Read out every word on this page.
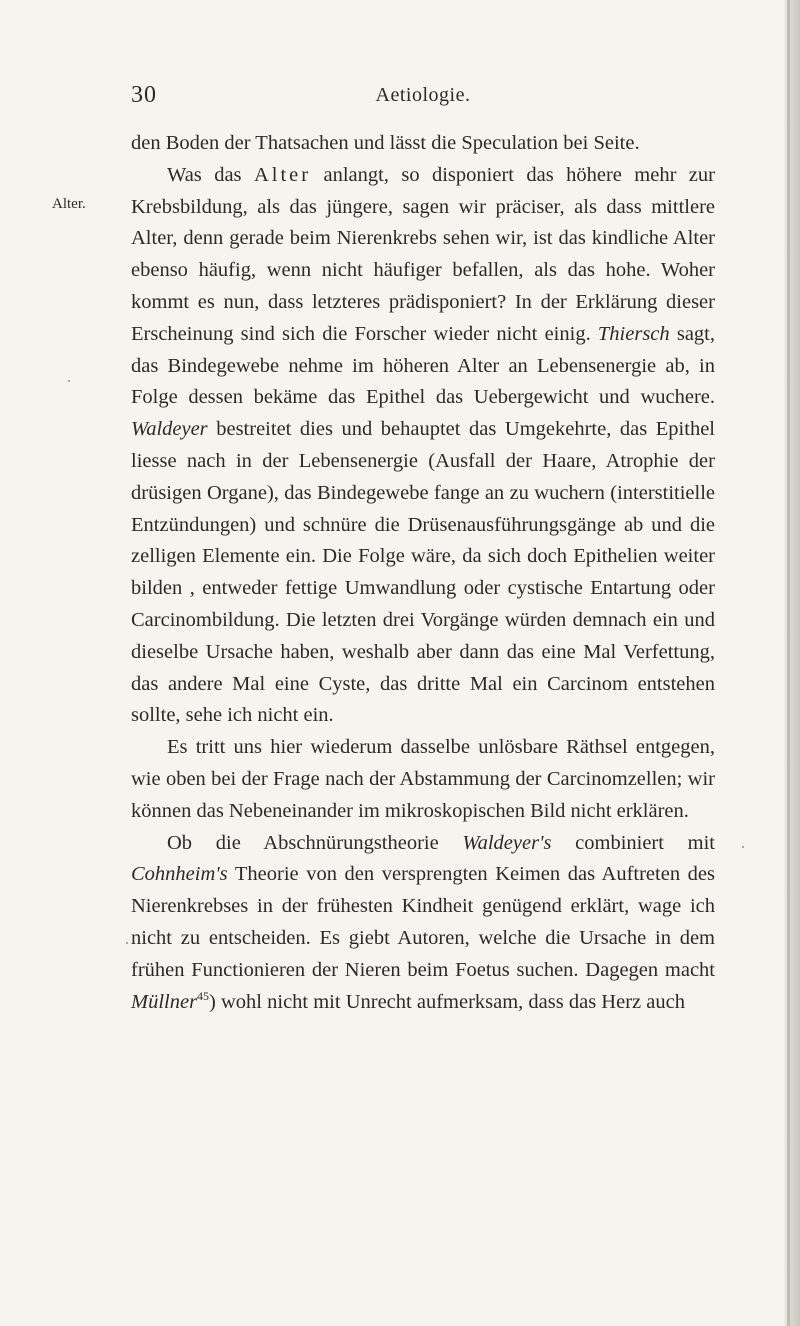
30	Aetiologie.
Alter.

den Boden der Thatsachen und lässt die Speculation bei Seite.

Was das Alter anlangt, so disponiert das höhere mehr zur Krebsbildung, als das jüngere, sagen wir präciser, als dass mittlere Alter, denn gerade beim Nierenkrebs sehen wir, ist das kindliche Alter ebenso häufig, wenn nicht häufiger befallen, als das hohe. Woher kommt es nun, dass letzteres prädisponiert? In der Erklärung dieser Erscheinung sind sich die Forscher wieder nicht einig. Thiersch sagt, das Bindegewebe nehme im höheren Alter an Lebensenergie ab, in Folge dessen bekäme das Epithel das Uebergewicht und wuchere. Waldeyer bestreitet dies und behauptet das Umgekehrte, das Epithel liesse nach in der Lebensenergie (Ausfall der Haare, Atrophie der drüsigen Organe), das Bindegewebe fange an zu wuchern (interstitielle Entzündungen) und schnüre die Drüsenausführungsgänge ab und die zelligen Elemente ein. Die Folge wäre, da sich doch Epithelien weiter bilden , entweder fettige Umwandlung oder cystische Entartung oder Carcinombildung. Die letzten drei Vorgänge würden demnach ein und dieselbe Ursache haben, weshalb aber dann das eine Mal Verfettung, das andere Mal eine Cyste, das dritte Mal ein Carcinom entstehen sollte, sehe ich nicht ein.

Es tritt uns hier wiederum dasselbe unlösbare Räthsel entgegen, wie oben bei der Frage nach der Abstammung der Carcinomzellen; wir können das Nebeneinander im mikroskopischen Bild nicht erklären.

Ob die Abschnürungstheorie Waldeyer's combiniert mit Cohnheim's Theorie von den versprengten Keimen das Auftreten des Nierenkrebses in der frühesten Kindheit genügend erklärt, wage ich nicht zu entscheiden. Es giebt Autoren, welche die Ursache in dem frühen Functionieren der Nieren beim Foetus suchen. Dagegen macht Müllner$^{45}$) wohl nicht mit Unrecht aufmerksam, dass das Herz auch
